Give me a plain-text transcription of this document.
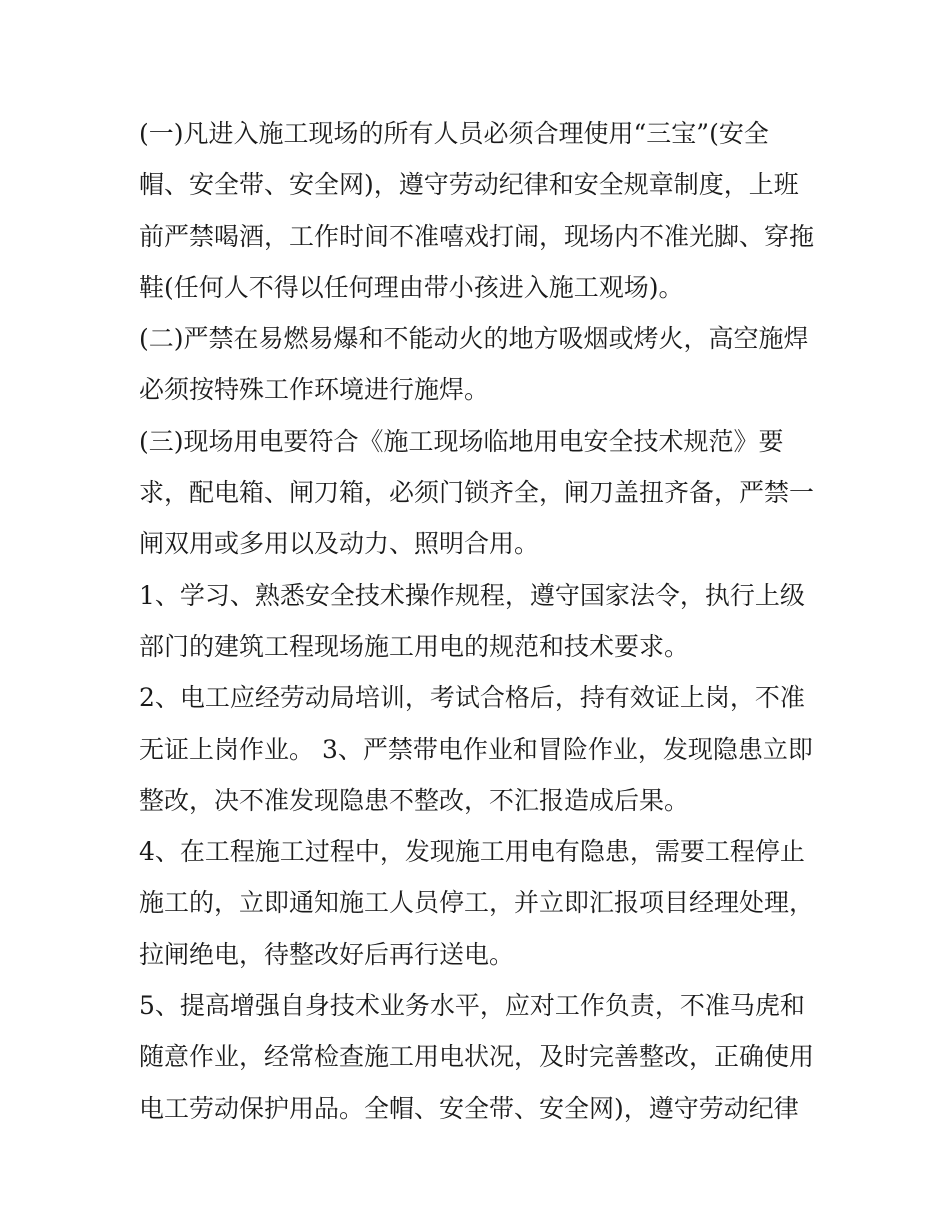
(一)凡进入施工现场的所有人员必须合理使用“三宝”(安全
帽、安全带、安全网)，遵守劳动纪律和安全规章制度，上班
前严禁喝酒，工作时间不准嘻戏打闹，现场内不准光脚、穿拖
鞋(任何人不得以任何理由带小孩进入施工观场)。
(二)严禁在易燃易爆和不能动火的地方吸烟或烤火，高空施焊
必须按特殊工作环境进行施焊。
(三)现场用电要符合《施工现场临地用电安全技术规范》要
求，配电箱、闸刀箱，必须门锁齐全，闸刀盖扭齐备，严禁一
闸双用或多用以及动力、照明合用。
1、学习、熟悉安全技术操作规程，遵守国家法令，执行上级
部门的建筑工程现场施工用电的规范和技术要求。
2、电工应经劳动局培训，考试合格后，持有效证上岗，不准
无证上岗作业。 3、严禁带电作业和冒险作业，发现隐患立即
整改，决不准发现隐患不整改，不汇报造成后果。
4、在工程施工过程中，发现施工用电有隐患，需要工程停止
施工的，立即通知施工人员停工，并立即汇报项目经理处理，
拉闸绝电，待整改好后再行送电。
5、提高增强自身技术业务水平，应对工作负责，不准马虎和
随意作业，经常检查施工用电状况，及时完善整改，正确使用
电工劳动保护用品。全帽、安全带、安全网)，遵守劳动纪律
